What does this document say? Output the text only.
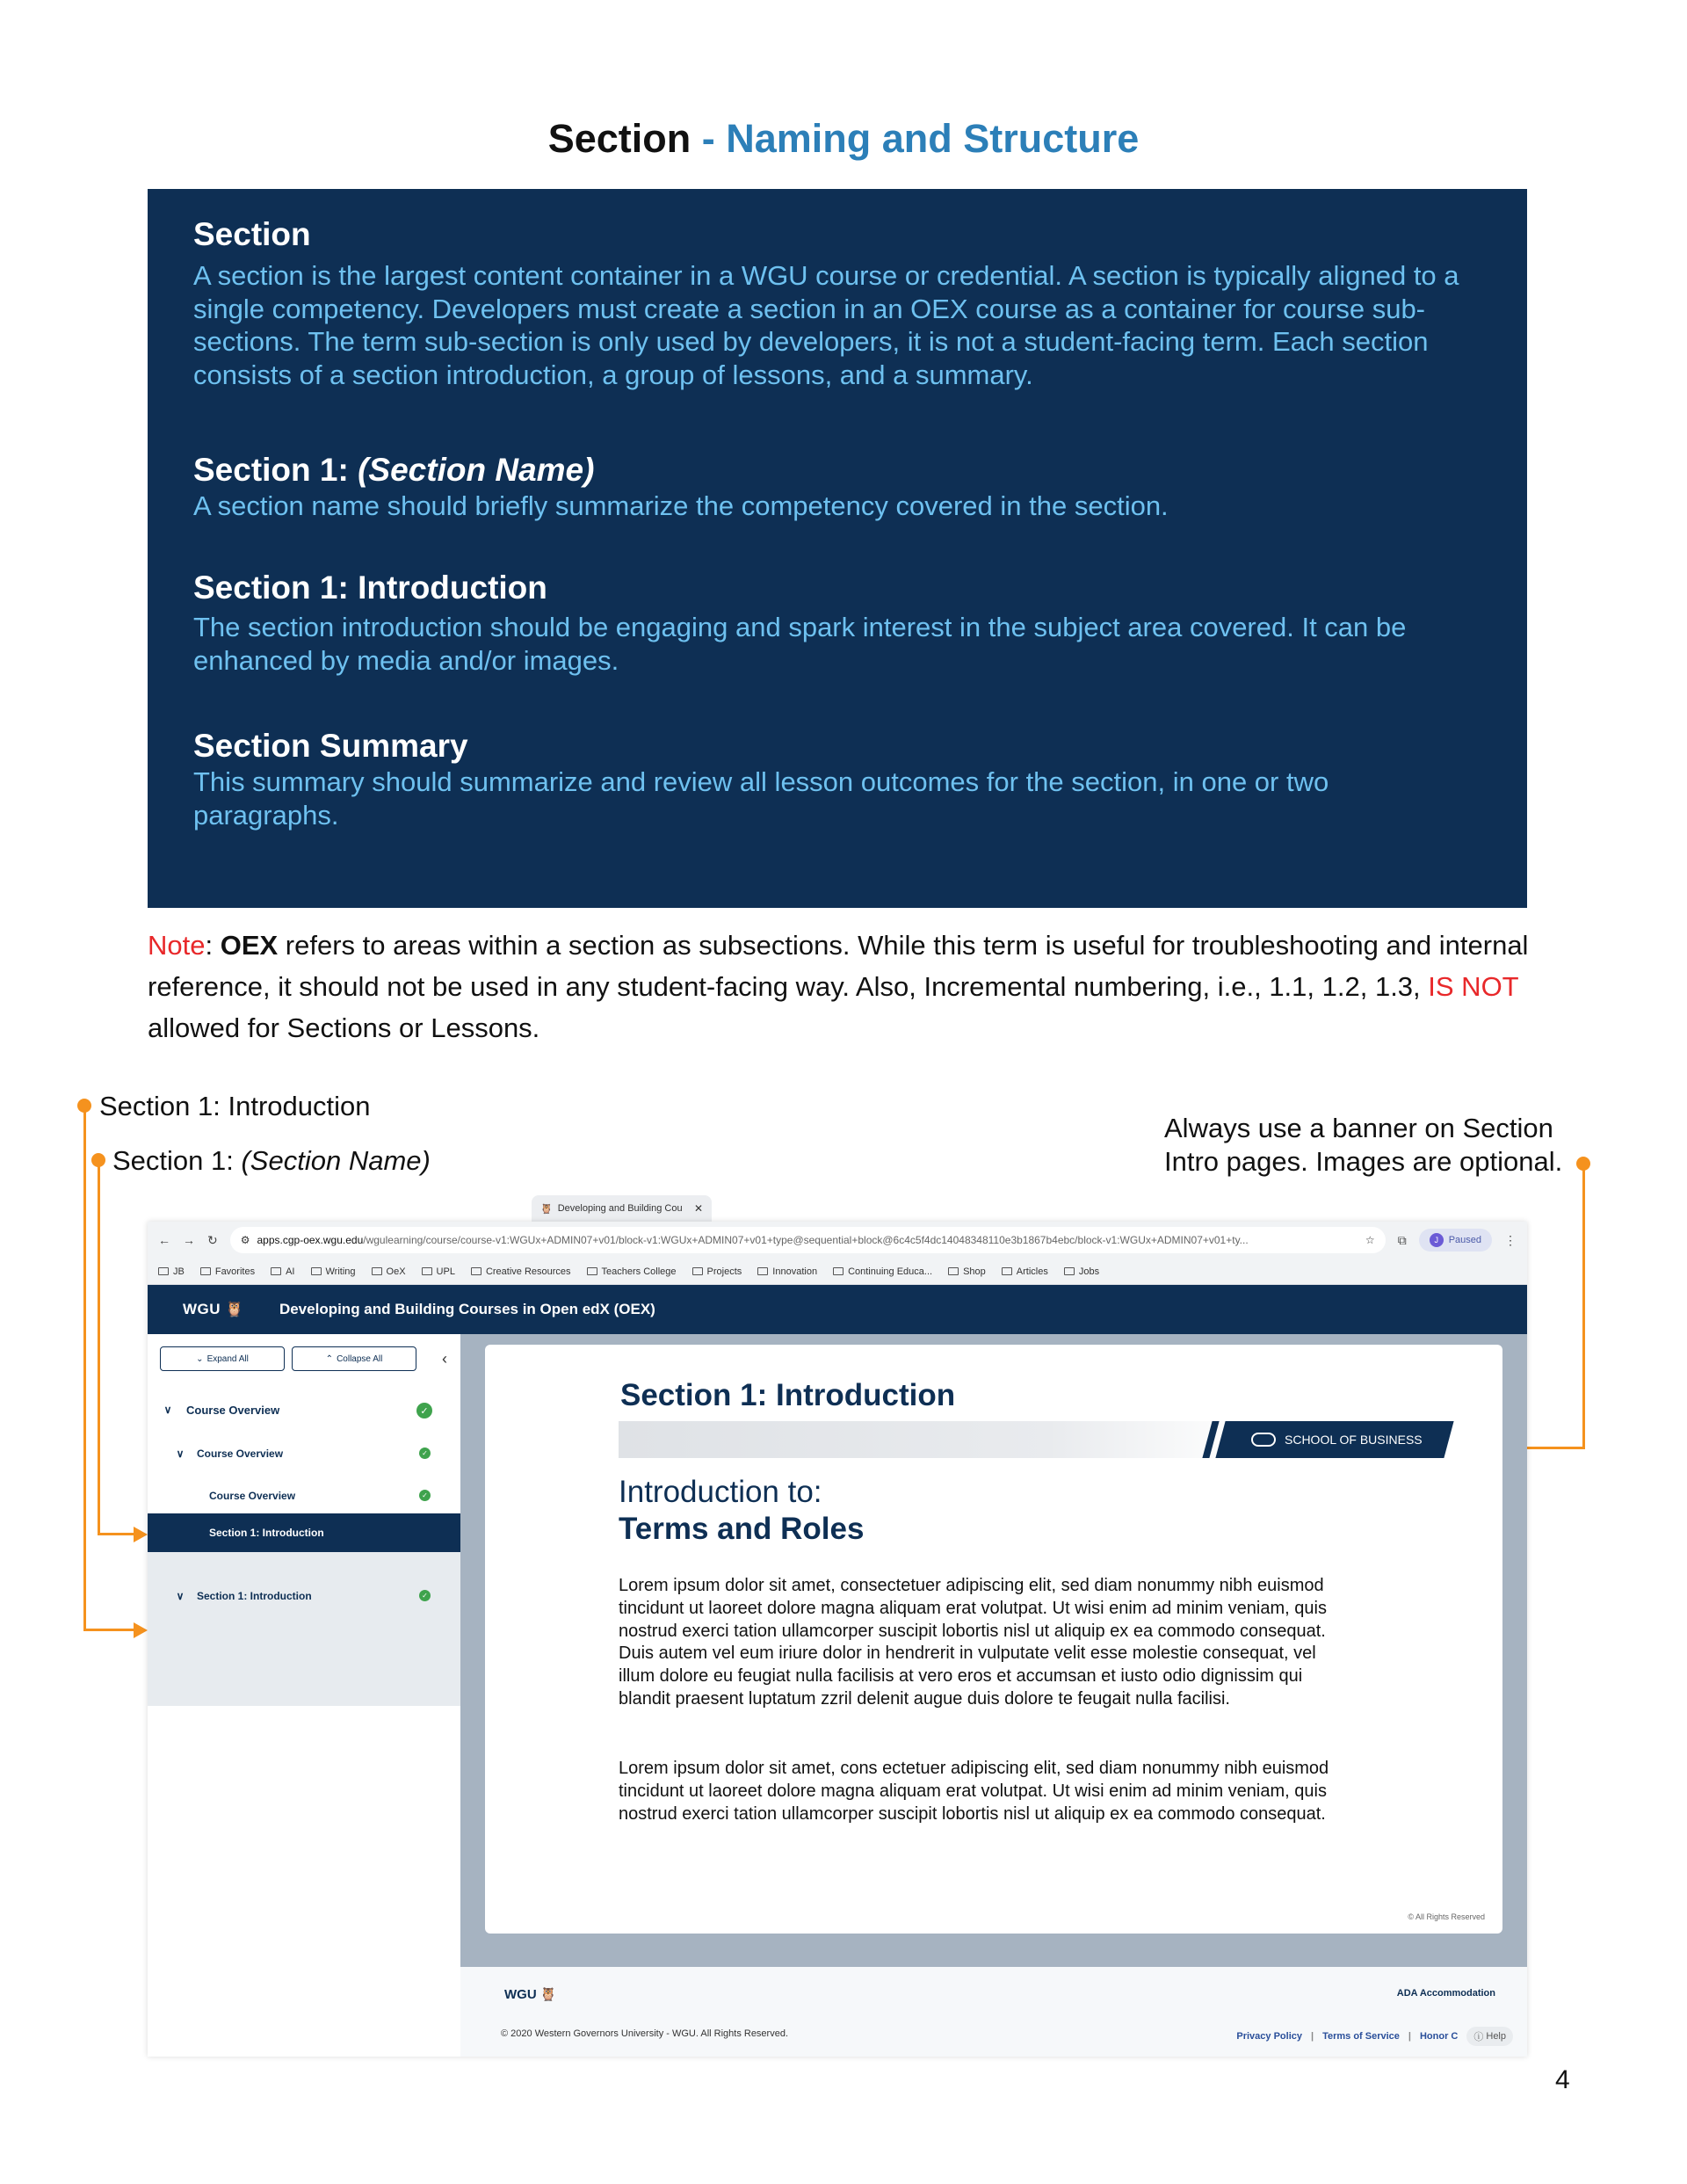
Section - Naming and Structure
Section
A section is the largest content container in a WGU course or credential. A section is typically aligned to a single competency. Developers must create a section in an OEX course as a container for course sub-sections. The term sub-section is only used by developers, it is not a student-facing term. Each section consists of a section introduction, a group of lessons, and a summary.
Section 1: (Section Name)
A section name should briefly summarize the competency covered in the section.
Section 1: Introduction
The section introduction should be engaging and spark interest in the subject area covered. It can be enhanced by media and/or images.
Section Summary
This summary should summarize and review all lesson outcomes for the section, in one or two paragraphs.
Note: OEX refers to areas within a section as subsections. While this term is useful for troubleshooting and internal reference, it should not be used in any student-facing way. Also, Incremental numbering, i.e., 1.1, 1.2, 1.3, IS NOT allowed for Sections or Lessons.
Section 1: Introduction
Section 1: (Section Name)
Always use a banner on Section
Intro pages. Images are optional.
🦉 Developing and Building Cou ✕
← → ↻ ⚙ apps.cgp-oex.wgu.edu/wgulearning/course/course-v1:WGUx+ADMIN07+v01/block-v1:WGUx+ADMIN07+v01+type@sequential+block@6c4c5f4dc14048348110e3b1867b4ebc/block-v1:WGUx+ADMIN07+v01+ty...	☆ ⧉	J	Paused ⋮
JB	Favorites	AI	Writing	OeX	UPL	Creative Resources	Teachers College	Projects	Innovation	Continuing Educa...	Shop	Articles	Jobs
WGU 🦉 Developing and Building Courses in Open edX (OEX)
⌄ Expand All	⌃ Collapse All	‹
∨	Course Overview	✓
∨	Course Overview	✓
Course Overview	✓
∨	Section 1: Introduction	✓
Section 1: Introduction
Section 1: Introduction
SCHOOL OF BUSINESS
Introduction to:
Terms and Roles
Lorem ipsum dolor sit amet, consectetuer adipiscing elit, sed diam nonummy nibh euismod tincidunt ut laoreet dolore magna aliquam erat volutpat. Ut wisi enim ad minim veniam, quis nostrud exerci tation ullamcorper suscipit lobortis nisl ut aliquip ex ea commodo consequat. Duis autem vel eum iriure dolor in hendrerit in vulputate velit esse molestie consequat, vel illum dolore eu feugiat nulla facilisis at vero eros et accumsan et iusto odio dignissim qui blandit praesent luptatum zzril delenit augue duis dolore te feugait nulla facilisi.
Lorem ipsum dolor sit amet, cons ectetuer adipiscing elit, sed diam nonummy nibh euismod tincidunt ut laoreet dolore magna aliquam erat volutpat. Ut wisi enim ad minim veniam, quis nostrud exerci tation ullamcorper suscipit lobortis nisl ut aliquip ex ea commodo consequat.
© All Rights Reserved
WGU 🦉	ADA Accommodation
© 2020 Western Governors University - WGU. All Rights Reserved.	Privacy Policy | Terms of Service | Honor C ⓘ Help
4
